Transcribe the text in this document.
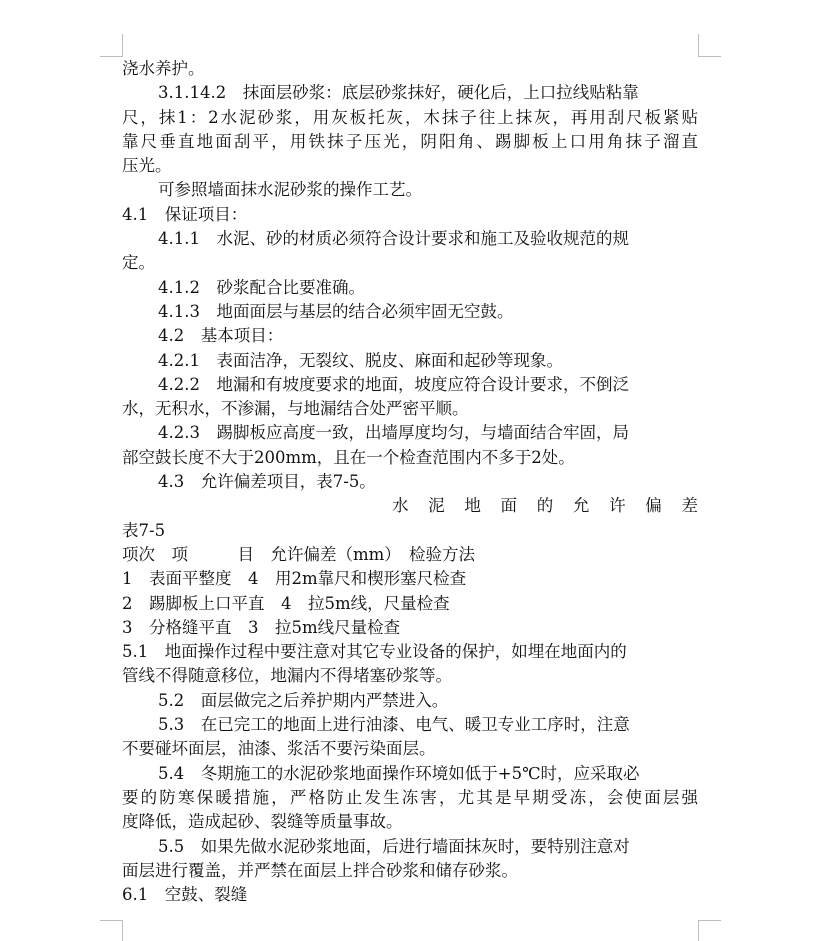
浇水养护。
3.1.14.2　抹面层砂浆：底层砂浆抹好，硬化后，上口拉线贴粘靠
尺，抹1：2水泥砂浆，用灰板托灰，木抹子往上抹灰，再用刮尺板紧贴
靠尺垂直地面刮平，用铁抹子压光，阴阳角、踢脚板上口用角抹子溜直
压光。
可参照墙面抹水泥砂浆的操作工艺。
4.1　保证项目：
4.1.1　水泥、砂的材质必须符合设计要求和施工及验收规范的规
定。
4.1.2　砂浆配合比要准确。
4.1.3　地面面层与基层的结合必须牢固无空鼓。
4.2　基本项目：
4.2.1　表面洁净，无裂纹、脱皮、麻面和起砂等现象。
4.2.2　地漏和有坡度要求的地面，坡度应符合设计要求，不倒泛
水，无积水，不渗漏，与地漏结合处严密平顺。
4.2.3　踢脚板应高度一致，出墙厚度均匀，与墙面结合牢固，局
部空鼓长度不大于200mm，且在一个检查范围内不多于2处。
4.3　允许偏差项目，表7-5。
水 泥 地 面 的 允 许 偏 差
表7-5
项次　项　　　目　允许偏差（mm）　检验方法
1　表面平整度　4　用2m靠尺和楔形塞尺检查
2　踢脚板上口平直　4　拉5m线，尺量检查
3　分格缝平直　3　拉5m线尺量检查
5.1　地面操作过程中要注意对其它专业设备的保护，如埋在地面内的
管线不得随意移位，地漏内不得堵塞砂浆等。
5.2　面层做完之后养护期内严禁进入。
5.3　在已完工的地面上进行油漆、电气、暖卫专业工序时，注意
不要碰坏面层，油漆、浆活不要污染面层。
5.4　冬期施工的水泥砂浆地面操作环境如低于+5℃时，应采取必
要的防寒保暖措施，严格防止发生冻害，尤其是早期受冻，会使面层强
度降低，造成起砂、裂缝等质量事故。
5.5　如果先做水泥砂浆地面，后进行墙面抹灰时，要特别注意对
面层进行覆盖，并严禁在面层上拌合砂浆和储存砂浆。
6.1　空鼓、裂缝
